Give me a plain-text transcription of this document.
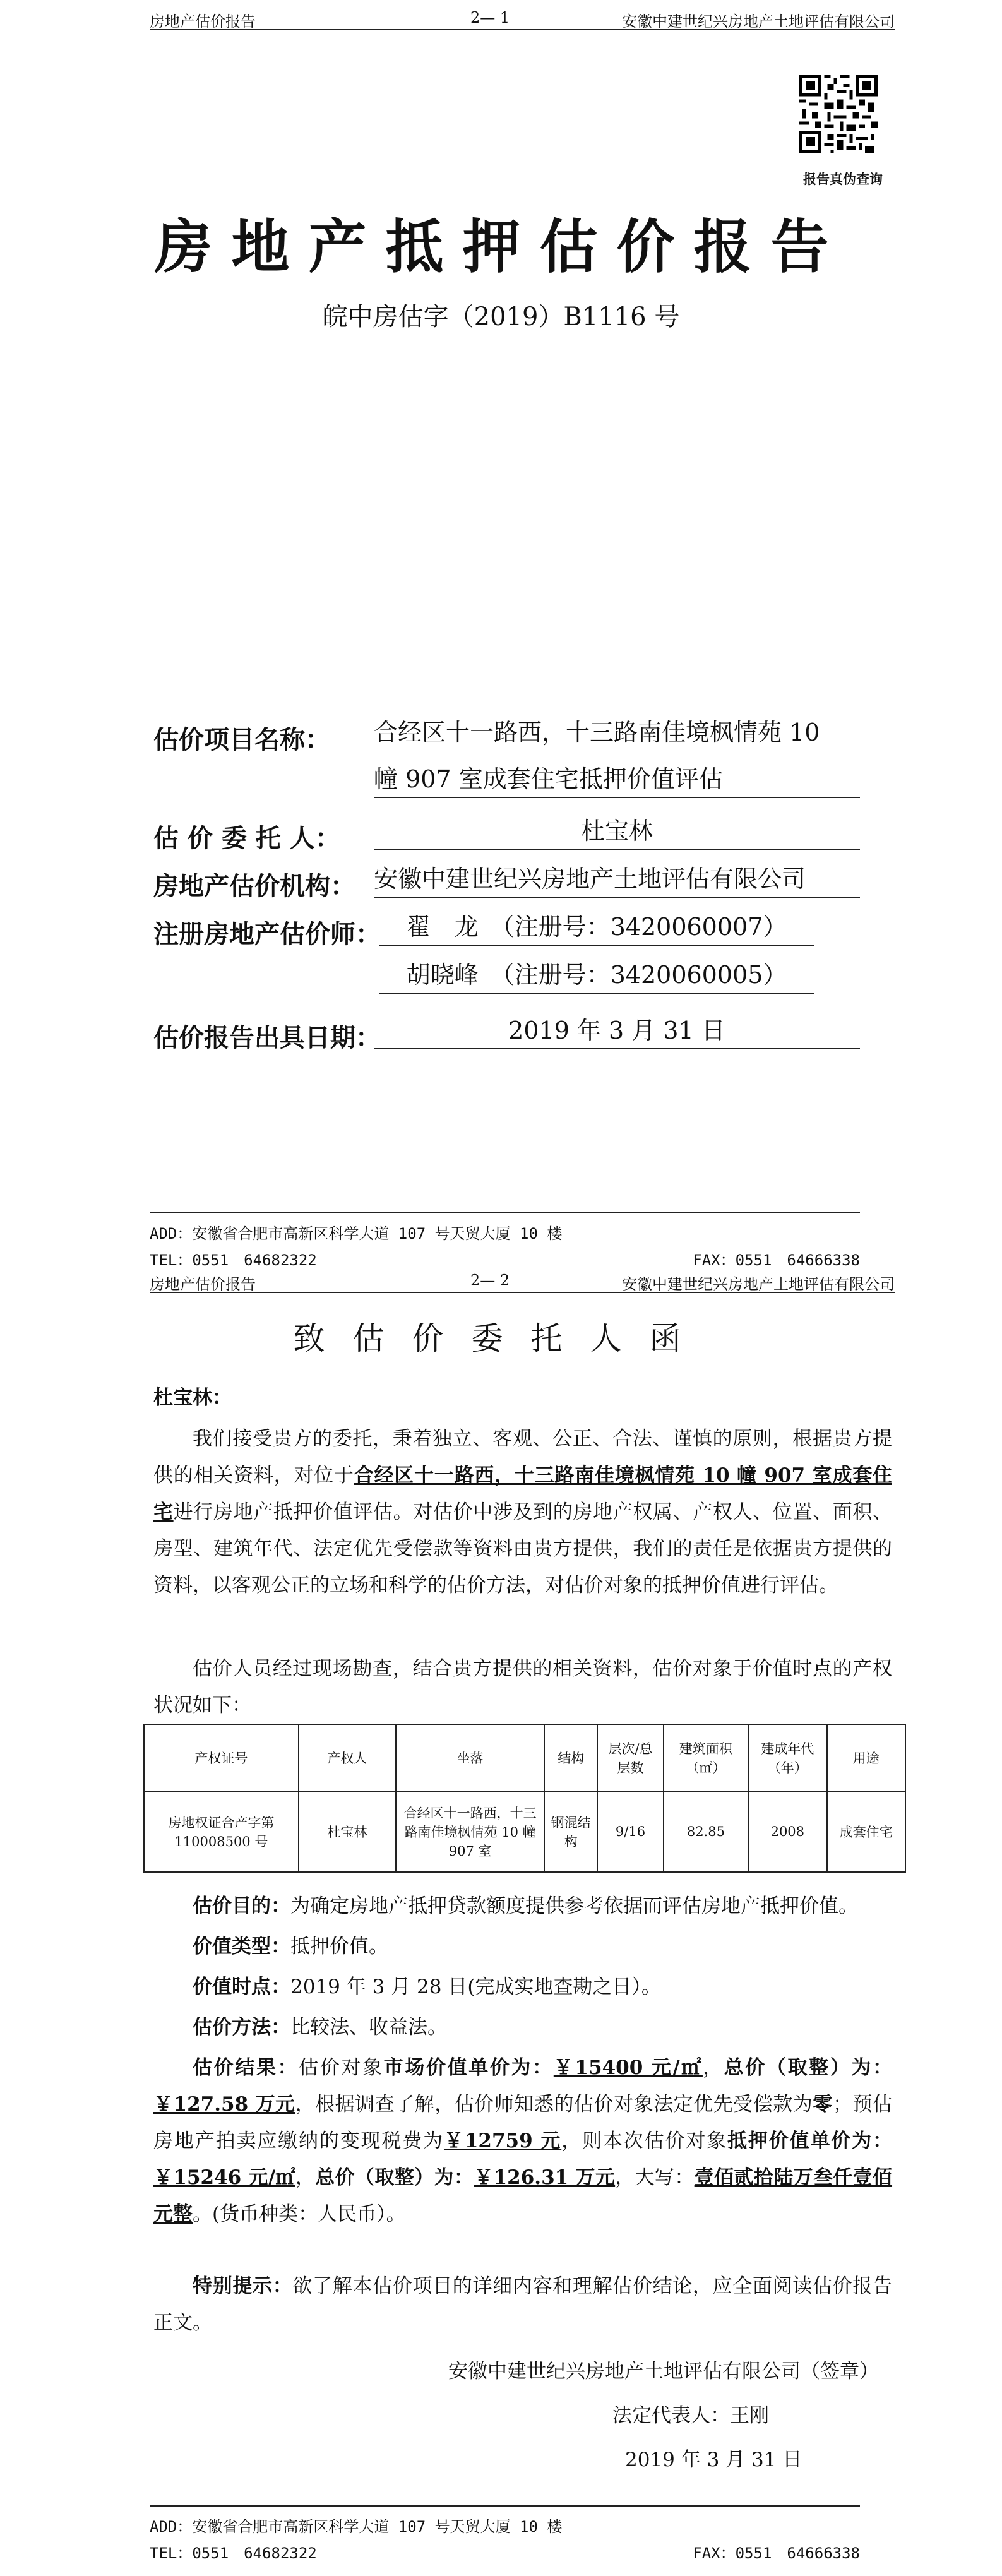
房地产估价报告	2— 1	安徽中建世纪兴房地产土地评估有限公司
报告真伪查询
房地产抵押估价报告
皖中房估字（2019）B1116 号
估价项目名称： 合经区十一路西，十三路南佳境枫情苑 10
幢 907 室成套住宅抵押价值评估
估 价 委 托 人：	杜宝林
房地产估价机构： 安徽中建世纪兴房地产土地评估有限公司
注册房地产估价师：	翟　龙　（注册号：3420060007）
胡晓峰　（注册号：3420060005）
估价报告出具日期：	2019 年 3 月 31 日
ADD：安徽省合肥市高新区科学大道 107 号天贸大厦 10 楼
TEL：0551－64682322	FAX：0551－64666338
房地产估价报告	2— 2	安徽中建世纪兴房地产土地评估有限公司
致估价委托人函
杜宝林：
我们接受贵方的委托，秉着独立、客观、公正、合法、谨慎的原则，根据贵方提供的相关资料，对位于合经区十一路西，十三路南佳境枫情苑 10 幢 907 室成套住宅进行房地产抵押价值评估。对估价中涉及到的房地产权属、产权人、位置、面积、房型、建筑年代、法定优先受偿款等资料由贵方提供，我们的责任是依据贵方提供的资料，以客观公正的立场和科学的估价方法，对估价对象的抵押价值进行评估。
估价人员经过现场勘查，结合贵方提供的相关资料，估价对象于价值时点的产权状况如下：
产权证号	产权人	坐落	结构	层次/总层数	建筑面积（㎡）	建成年代（年）	用途
房地权证合产字第 110008500 号	杜宝林	合经区十一路西，十三路南佳境枫情苑 10 幢 907 室	钢混结构	9/16	82.85	2008	成套住宅
估价目的：为确定房地产抵押贷款额度提供参考依据而评估房地产抵押价值。
价值类型：抵押价值。
价值时点：2019 年 3 月 28 日(完成实地查勘之日）。
估价方法：比较法、收益法。
估价结果：估价对象市场价值单价为：￥15400 元/㎡，总价（取整）为：￥127.58 万元，根据调查了解，估价师知悉的估价对象法定优先受偿款为零；预估房地产拍卖应缴纳的变现税费为￥12759 元，则本次估价对象抵押价值单价为：￥15246 元/㎡，总价（取整）为：￥126.31 万元，大写：壹佰贰拾陆万叁仟壹佰元整。(货币种类：人民币）。
特别提示：欲了解本估价项目的详细内容和理解估价结论，应全面阅读估价报告正文。
安徽中建世纪兴房地产土地评估有限公司（签章）
法定代表人：王刚
2019 年 3 月 31 日
ADD：安徽省合肥市高新区科学大道 107 号天贸大厦 10 楼
TEL：0551－64682322	FAX：0551－64666338
